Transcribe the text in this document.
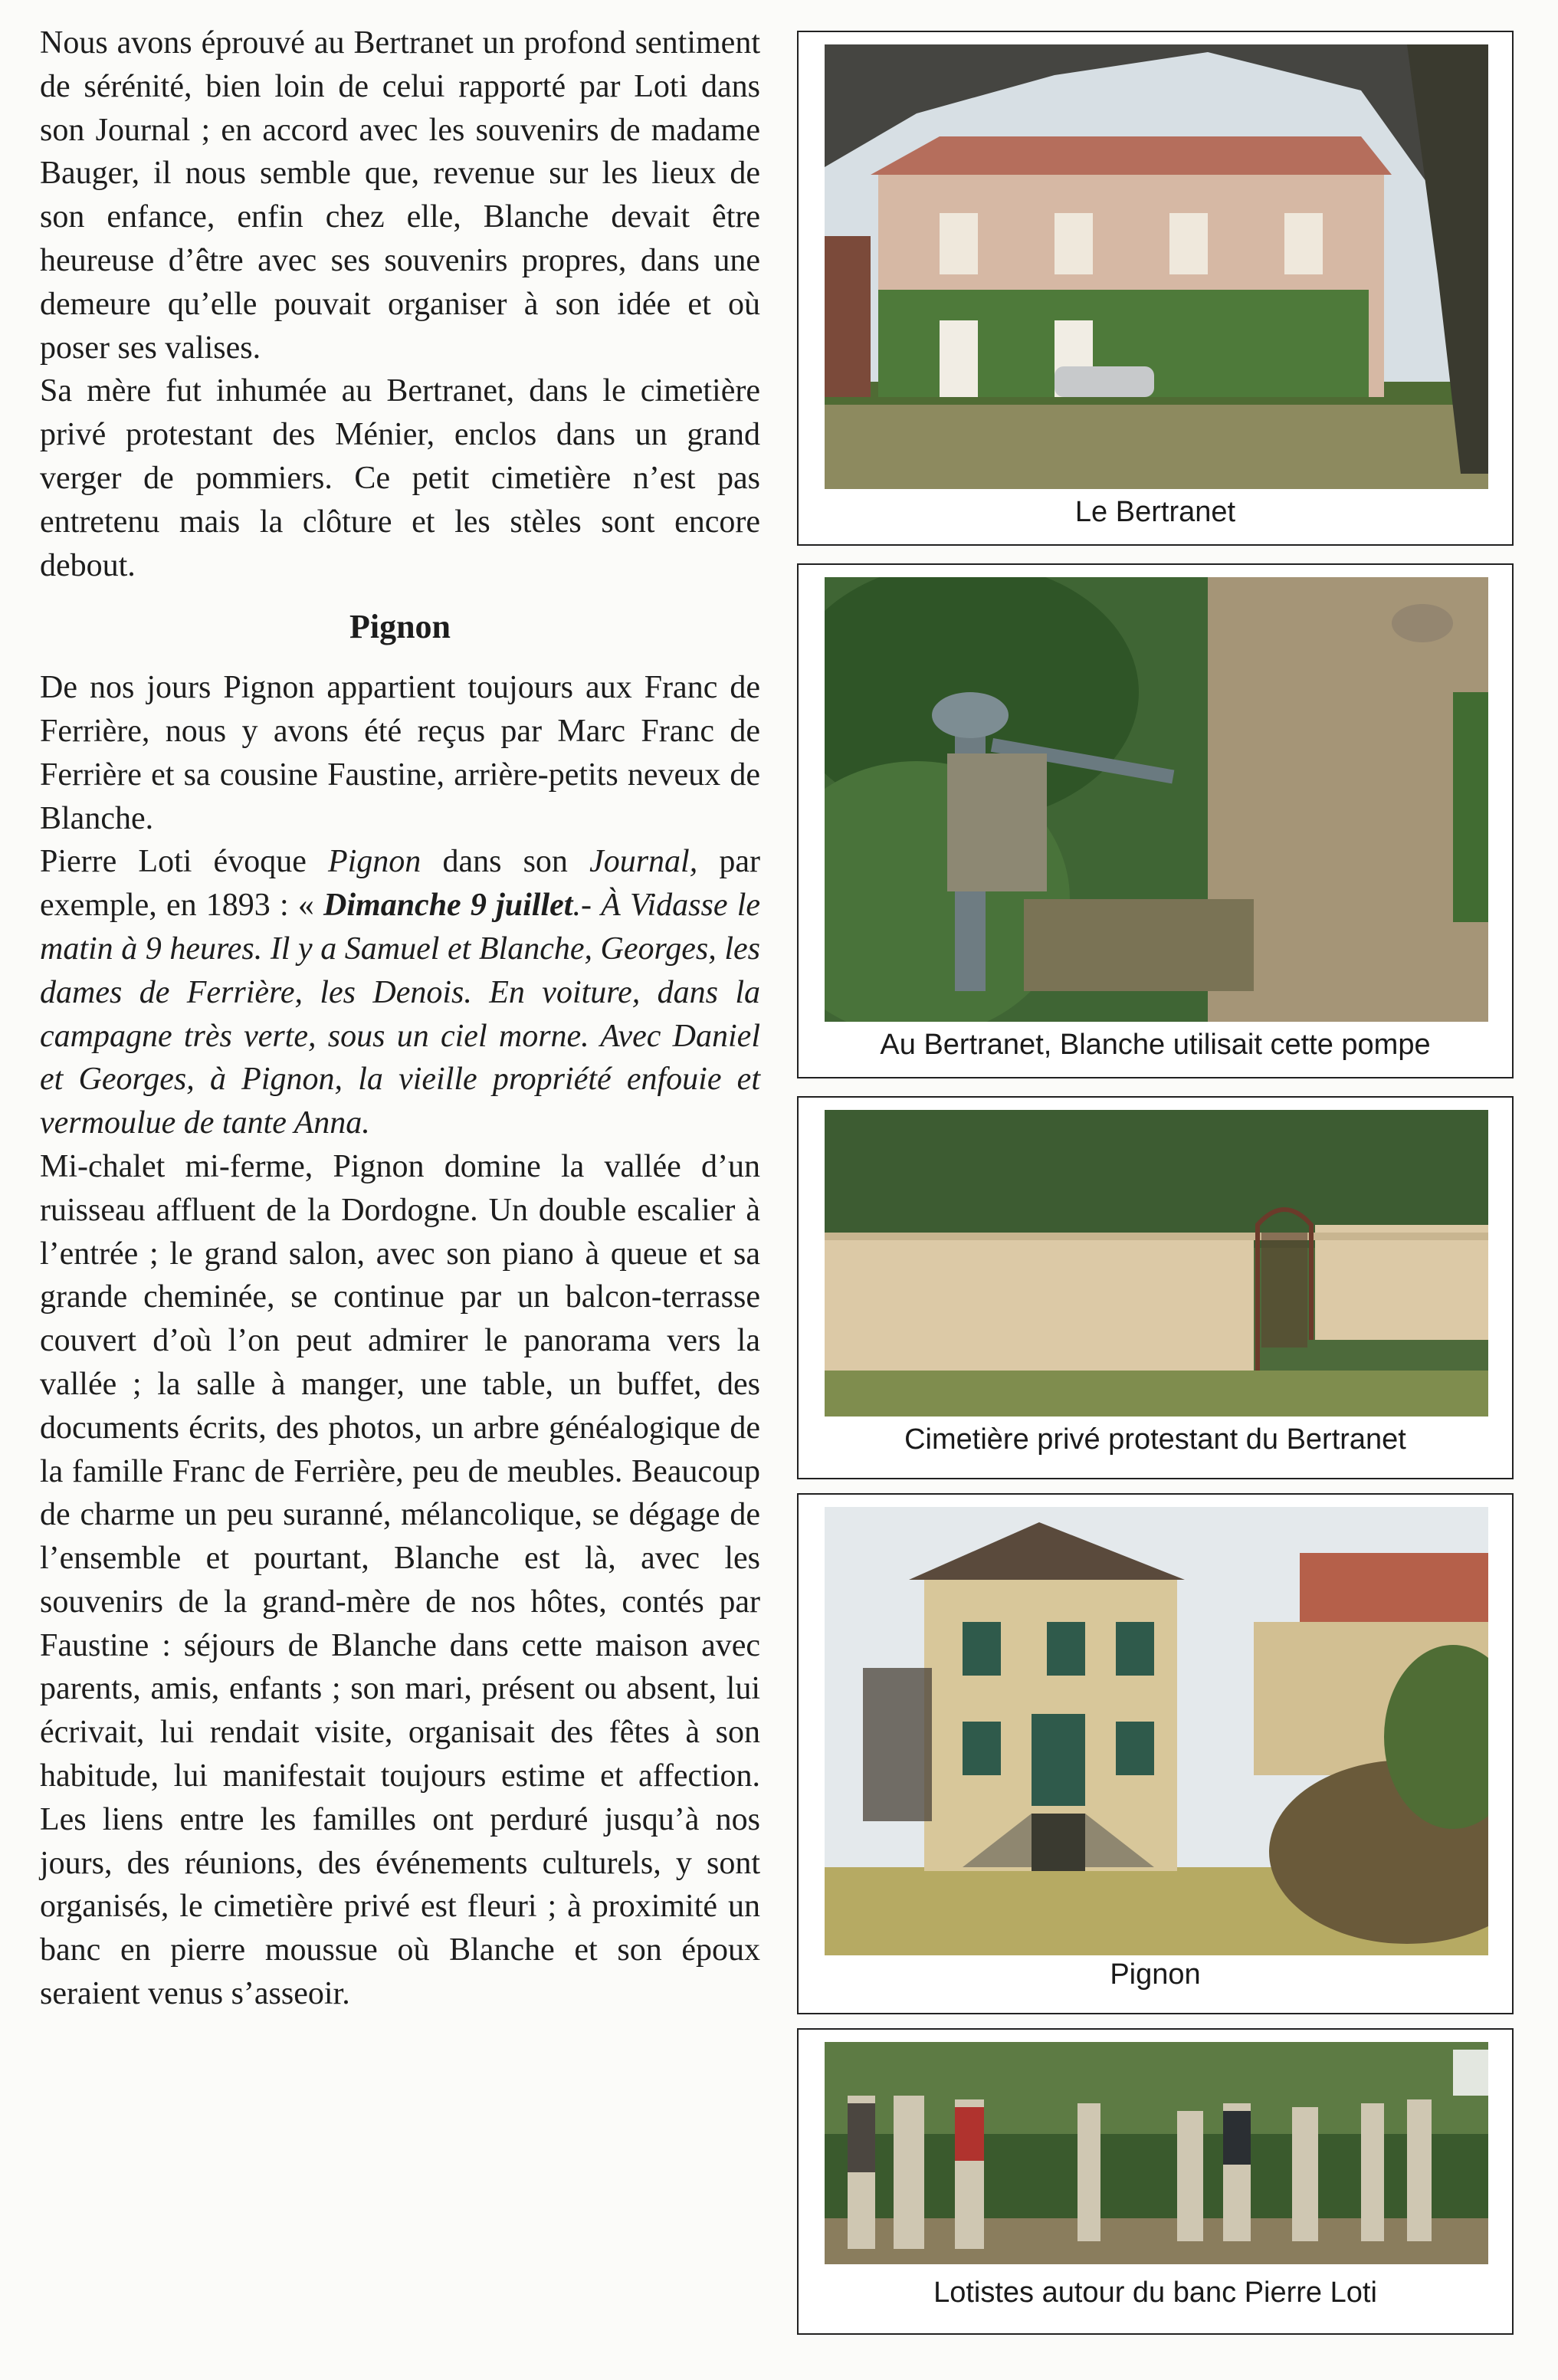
Nous avons éprouvé au Bertranet un profond sentiment de sérénité, bien loin de celui rapporté par Loti dans son Journal ; en accord avec les souvenirs de madame Bauger, il nous semble que, revenue sur les lieux de son enfance, enfin chez elle, Blanche devait être heureuse d’être avec ses souvenirs propres, dans une demeure qu’elle pouvait organiser à son idée et où poser ses valises.

Sa mère fut inhumée au Bertranet, dans le cimetière privé protestant des Ménier, enclos dans un grand verger de pommiers. Ce petit cimetière n’est pas entretenu mais la clôture et les stèles sont encore debout.

Pignon

De nos jours Pignon appartient toujours aux Franc de Ferrière, nous y avons été reçus par Marc Franc de Ferrière et sa cousine Faustine, arrière-petits neveux de Blanche.

Pierre Loti évoque Pignon dans son Journal, par exemple, en 1893 : « Dimanche 9 juillet.- À Vidasse le matin à 9 heures. Il y a Samuel et Blanche, Georges, les dames de Ferrière, les Denois. En voiture, dans la campagne très verte, sous un ciel morne. Avec Daniel et Georges, à Pignon, la vieille propriété enfouie et vermoulue de tante Anna.

Mi-chalet mi-ferme, Pignon domine la vallée d’un ruisseau affluent de la Dordogne. Un double escalier à l’entrée ; le grand salon, avec son piano à queue et sa grande cheminée, se continue par un balcon-terrasse couvert d’où l’on peut admirer le panorama vers la vallée ; la salle à manger, une table, un buffet, des documents écrits, des photos, un arbre généalogique de la famille Franc de Ferrière, peu de meubles. Beaucoup de charme un peu suranné, mélancolique, se dégage de l’ensemble et pourtant, Blanche est là, avec les souvenirs de la grand-mère de nos hôtes, contés par Faustine : séjours de Blanche dans cette maison avec parents, amis, enfants ; son mari, présent ou absent, lui écrivait, lui rendait visite, organisait des fêtes à son habitude, lui manifestait toujours estime et affection. Les liens entre les familles ont perduré jusqu’à nos jours, des réunions, des événements culturels, y sont organisés, le cimetière privé est fleuri ; à proximité un banc en pierre moussue où Blanche et son époux seraient venus s’asseoir.

Le Bertranet
Au Bertranet, Blanche utilisait cette pompe
Cimetière privé protestant du Bertranet
Pignon
Lotistes autour du banc Pierre Loti
